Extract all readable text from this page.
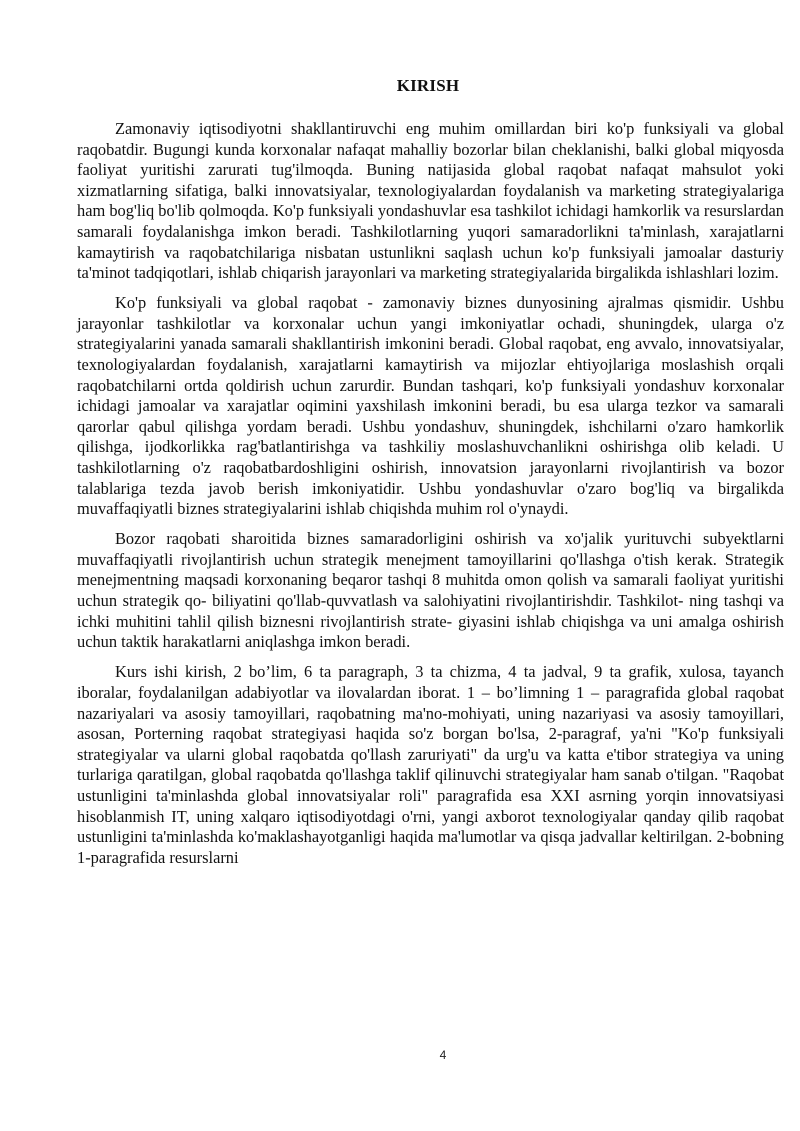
KIRISH

Zamonaviy iqtisodiyotni shakllantiruvchi eng muhim omillardan biri ko'p funksiyali va global raqobatdir. Bugungi kunda korxonalar nafaqat mahalliy bozorlar bilan cheklanishi, balki global miqyosda faoliyat yuritishi zarurati tug'ilmoqda. Buning natijasida global raqobat nafaqat mahsulot yoki xizmatlarning sifatiga, balki innovatsiyalar, texnologiyalardan foydalanish va marketing strategiyalariga ham bog'liq bo'lib qolmoqda. Ko'p funksiyali yondashuvlar esa tashkilot ichidagi hamkorlik va resurslardan samarali foydalanishga imkon beradi. Tashkilotlarning yuqori samaradorlikni ta'minlash, xarajatlarni kamaytirish va raqobatchilariga nisbatan ustunlikni saqlash uchun ko'p funksiyali jamoalar dasturiy ta'minot tadqiqotlari, ishlab chiqarish jarayonlari va marketing strategiyalarida birgalikda ishlashlari lozim.

Ko'p funksiyali va global raqobat - zamonaviy biznes dunyosining ajralmas qismidir. Ushbu jarayonlar tashkilotlar va korxonalar uchun yangi imkoniyatlar ochadi, shuningdek, ularga o'z strategiyalarini yanada samarali shakllantirish imkonini beradi. Global raqobat, eng avvalo, innovatsiyalar, texnologiyalardan foydalanish, xarajatlarni kamaytirish va mijozlar ehtiyojlariga moslashish orqali raqobatchilarni ortda qoldirish uchun zarurdir. Bundan tashqari, ko'p funksiyali yondashuv korxonalar ichidagi jamoalar va xarajatlar oqimini yaxshilash imkonini beradi, bu esa ularga tezkor va samarali qarorlar qabul qilishga yordam beradi. Ushbu yondashuv, shuningdek, ishchilarni o'zaro hamkorlik qilishga, ijodkorlikka rag'batlantirishga va tashkiliy moslashuvchanlikni oshirishga olib keladi. U tashkilotlarning o'z raqobatbardoshligini oshirish, innovatsion jarayonlarni rivojlantirish va bozor talablariga tezda javob berish imkoniyatidir. Ushbu yondashuvlar o'zaro bog'liq va birgalikda muvaffaqiyatli biznes strategiyalarini ishlab chiqishda muhim rol o'ynaydi.

Bozor raqobati sharoitida biznes samaradorligini oshirish va xo'jalik yurituvchi subyektlarni muvaffaqiyatli rivojlantirish uchun strategik menejment tamoyillarini qo'llashga o'tish kerak. Strategik menejmentning maqsadi korxonaning beqaror tashqi 8 muhitda omon qolish va samarali faoliyat yuritishi uchun strategik qo- biliyatini qo'llab-quvvatlash va salohiyatini rivojlantirishdir. Tashkilot- ning tashqi va ichki muhitini tahlil qilish biznesni rivojlantirish strate- giyasini ishlab chiqishga va uni amalga oshirish uchun taktik harakatlarni aniqlashga imkon beradi.

Kurs ishi kirish, 2 bo’lim, 6 ta paragraph, 3 ta chizma, 4 ta jadval, 9 ta grafik, xulosa, tayanch iboralar, foydalanilgan adabiyotlar va ilovalardan iborat. 1 – bo’limning 1 – paragrafida global raqobat nazariyalari va asosiy tamoyillari, raqobatning ma'no-mohiyati, uning nazariyasi va asosiy tamoyillari, asosan, Porterning raqobat strategiyasi haqida so'z borgan bo'lsa, 2-paragraf, ya'ni "Ko'p funksiyali strategiyalar va ularni global raqobatda qo'llash zaruriyati" da urg'u va katta e'tibor strategiya va uning turlariga qaratilgan, global raqobatda qo'llashga taklif qilinuvchi strategiyalar ham sanab o'tilgan. "Raqobat ustunligini ta'minlashda global innovatsiyalar roli" paragrafida esa XXI asrning yorqin innovatsiyasi hisoblanmish IT, uning xalqaro iqtisodiyotdagi o'rni, yangi axborot texnologiyalar qanday qilib raqobat ustunligini ta'minlashda ko'maklashayotganligi haqida ma'lumotlar va qisqa jadvallar keltirilgan. 2-bobning 1-paragrafida resurslarni

4
